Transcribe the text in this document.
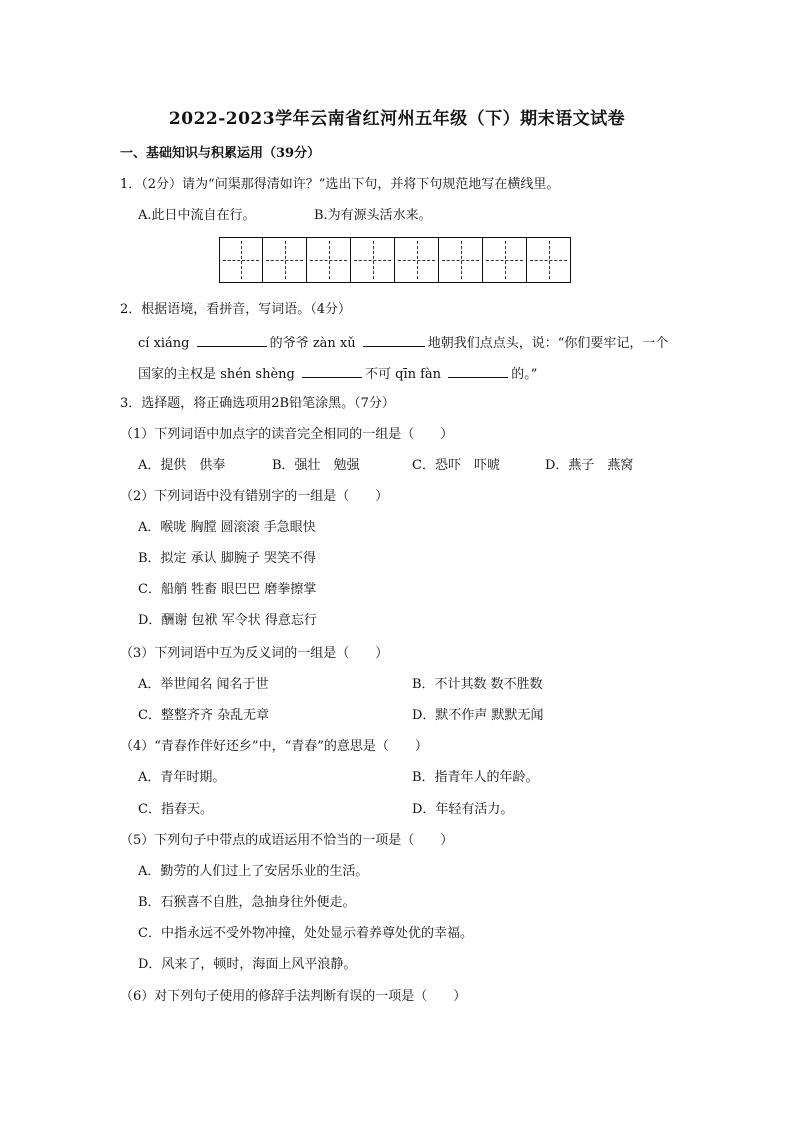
2022-2023学年云南省红河州五年级（下）期末语文试卷
一、基础知识与积累运用（39分）
1．（2分）请为“问渠那得清如许？”选出下句，并将下句规范地写在横线里。
A.此日中流自在行。	B.为有源头活水来。
2．根据语境，看拼音，写词语。（4分）
cí xiáng	的爷爷 zàn xǔ	地朝我们点点头，说：“你们要牢记，一个
国家的主权是 shén shèng	不可 qīn fàn	的。”
3．选择题，将正确选项用2B铅笔涂黑。（7分）
（1）下列词语中加点字的读音完全相同的一组是（　　）
A．提供　供奉	B．强壮　勉强	C．恐吓　吓唬	D．燕子　燕窝
（2）下列词语中没有错别字的一组是（　　）
A．喉咙 胸膛 圆滚滚 手急眼快
B．拟定 承认 脚腕子 哭笑不得
C．船艄 牲畜 眼巴巴 磨拳擦掌
D．酬谢 包袱 军令状 得意忘行
（3）下列词语中互为反义词的一组是（　　）
A．举世闻名 闻名于世	B．不计其数 数不胜数
C．整整齐齐 杂乱无章	D．默不作声 默默无闻
（4）“青春作伴好还乡”中，“青春”的意思是（　　）
A．青年时期。	B．指青年人的年龄。
C．指春天。	D．年轻有活力。
（5）下列句子中带点的成语运用不恰当的一项是（　　）
A．勤劳的人们过上了安居乐业的生活。
B．石猴喜不自胜，急抽身往外便走。
C．中指永远不受外物冲撞，处处显示着养尊处优的幸福。
D．风来了，顿时，海面上风平浪静。
（6）对下列句子使用的修辞手法判断有误的一项是（　　）
